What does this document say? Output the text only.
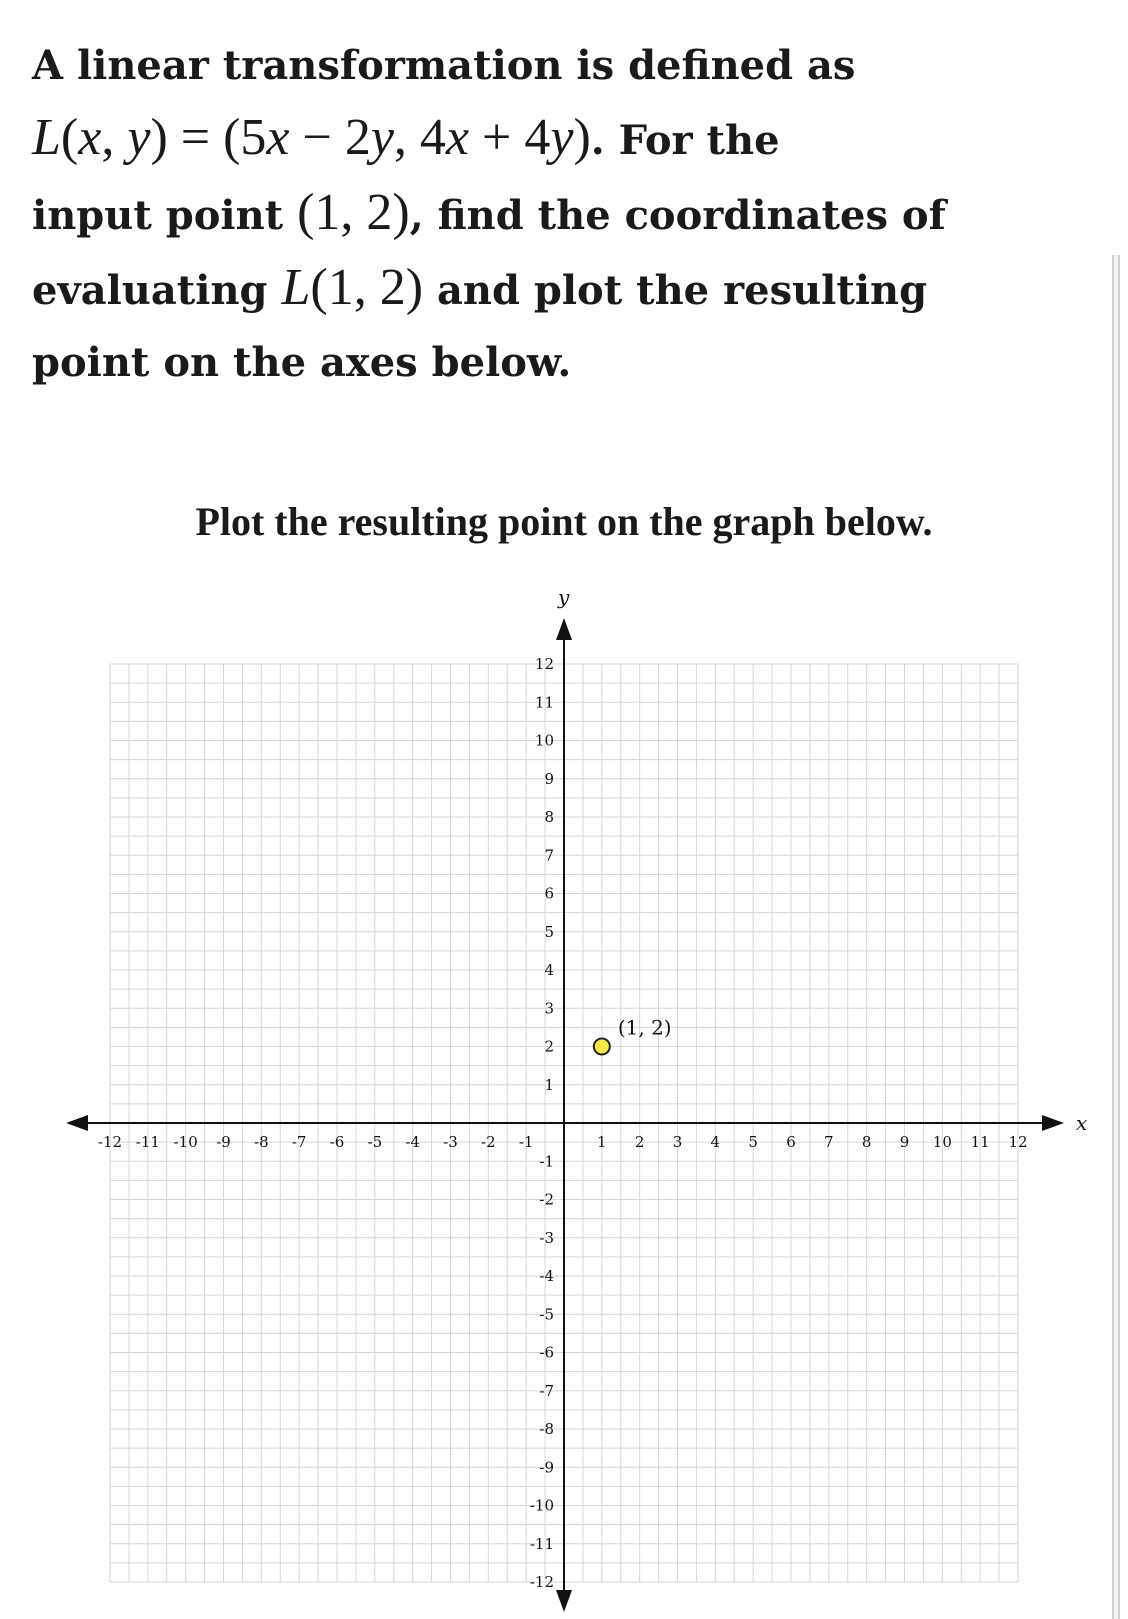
A linear transformation is defined as
L(x, y) = (5x − 2y, 4x + 4y). For the
input point (1, 2), find the coordinates of
evaluating L(1, 2) and plot the resulting
point on the axes below.
Plot the resulting point on the graph below.
x
y
-12 -11 -10 -9 -8 -7 -6 -5 -4 -3 -2 -1	1 2 3 4 5 6 7 8 9 10 11 12
12
11
10
9
8
7
6
5
4
3
2
1
-1
-2
-3
-4
-5
-6
-7
-8
-9
-10
-11
-12
(1, 2)
